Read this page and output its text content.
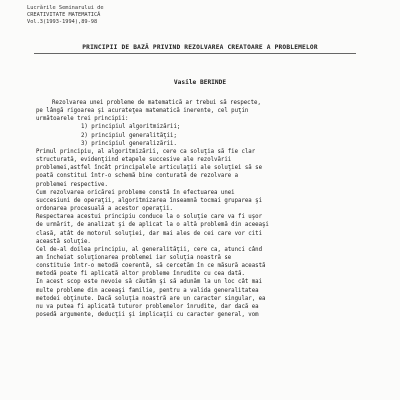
Lucrările Seminarului de
CREATIVITATE MATEMATICĂ
Vol.3(1993-1994),89-98
PRINCIPII DE BAZĂ PRIVIND REZOLVAREA CREATOARE A PROBLEMELOR
Vasile BERINDE
Rezolvarea unei probleme de matematică ar trebui să respecte,
pe lângă rigoarea şi acurateţea matematică inerente, cel puţin
următoarele trei principii:
1) principiul algoritmizării;
2) principiul generalităţii;
3) principiul generalizării.
Primul principiu, al algoritmizării, cere ca soluţia să fie clar
structurată, evidenţiind etapele succesive ale rezolvării
problemei,astfel încât principalele articulaţii ale soluţiei să se
poată constitui într-o schemă bine conturată de rezolvare a
problemei respective.
Cum rezolvarea oricărei probleme constă în efectuarea unei
succesiuni de operaţii, algoritmizarea înseamnă tocmai gruparea şi
ordonarea procesuală a acestor operaţii.
Respectarea acestui principiu conduce la o soluţie care va fi uşor
de urmărit, de analizat şi de aplicat la o altă problemă din aceeaşi
clasă, atât de motorul soluţiei, dar mai ales de cei care vor citi
această soluţie.
Cel de-al doilea principiu, al generalităţii, cere ca, atunci când
am încheiat soluţionarea problemei iar soluţia noastră se
constituie într-o metodă coerentă, să cercetăm în ce măsură această
metodă poate fi aplicată altor probleme înrudite cu cea dată.
În acest scop este nevoie să căutăm şi să adunăm la un loc cât mai
multe probleme din aceeaşi familie, pentru a valida generalitatea
metodei obţinute. Dacă soluţia noastră are un caracter singular, ea
nu va putea fi aplicată tuturor problemelor înrudite, dar dacă ea
posedă argumente, deducţii şi implicaţii cu caracter general, vom
